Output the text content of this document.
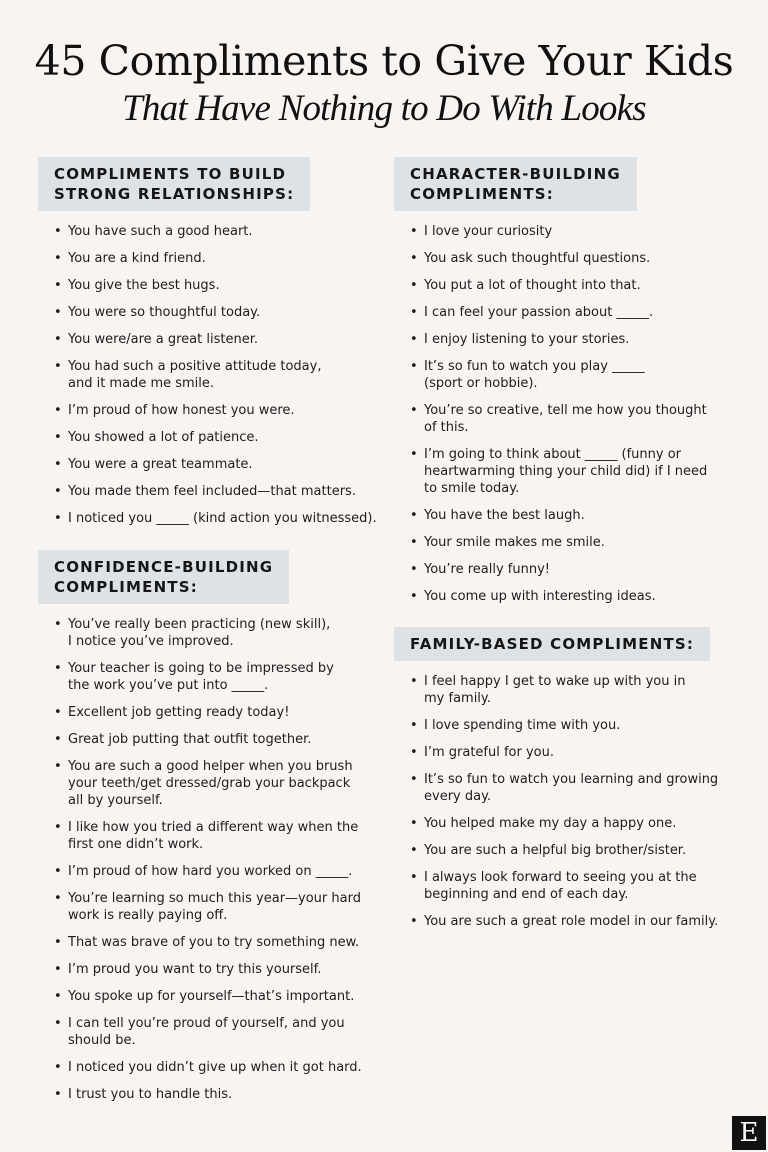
45 Compliments to Give Your Kids
That Have Nothing to Do With Looks
COMPLIMENTS TO BUILD
STRONG RELATIONSHIPS:
• You have such a good heart.
• You are a kind friend.
• You give the best hugs.
• You were so thoughtful today.
• You were/are a great listener.
• You had such a positive attitude today,
and it made me smile.
• I’m proud of how honest you were.
• You showed a lot of patience.
• You were a great teammate.
• You made them feel included—that matters.
• I noticed you _____ (kind action you witnessed).
CONFIDENCE-BUILDING
COMPLIMENTS:
• You’ve really been practicing (new skill),
I notice you’ve improved.
• Your teacher is going to be impressed by
the work you’ve put into _____.
• Excellent job getting ready today!
• Great job putting that outfit together.
• You are such a good helper when you brush
your teeth/get dressed/grab your backpack
all by yourself.
• I like how you tried a different way when the
first one didn’t work.
• I’m proud of how hard you worked on _____.
• You’re learning so much this year—your hard
work is really paying off.
• That was brave of you to try something new.
• I’m proud you want to try this yourself.
• You spoke up for yourself—that’s important.
• I can tell you’re proud of yourself, and you
should be.
• I noticed you didn’t give up when it got hard.
• I trust you to handle this.
CHARACTER-BUILDING
COMPLIMENTS:
• I love your curiosity
• You ask such thoughtful questions.
• You put a lot of thought into that.
• I can feel your passion about _____.
• I enjoy listening to your stories.
• It’s so fun to watch you play _____
(sport or hobbie).
• You’re so creative, tell me how you thought
of this.
• I’m going to think about _____ (funny or
heartwarming thing your child did) if I need
to smile today.
• You have the best laugh.
• Your smile makes me smile.
• You’re really funny!
• You come up with interesting ideas.
FAMILY-BASED COMPLIMENTS:
• I feel happy I get to wake up with you in
my family.
• I love spending time with you.
• I’m grateful for you.
• It’s so fun to watch you learning and growing
every day.
• You helped make my day a happy one.
• You are such a helpful big brother/sister.
• I always look forward to seeing you at the
beginning and end of each day.
• You are such a great role model in our family.
E
